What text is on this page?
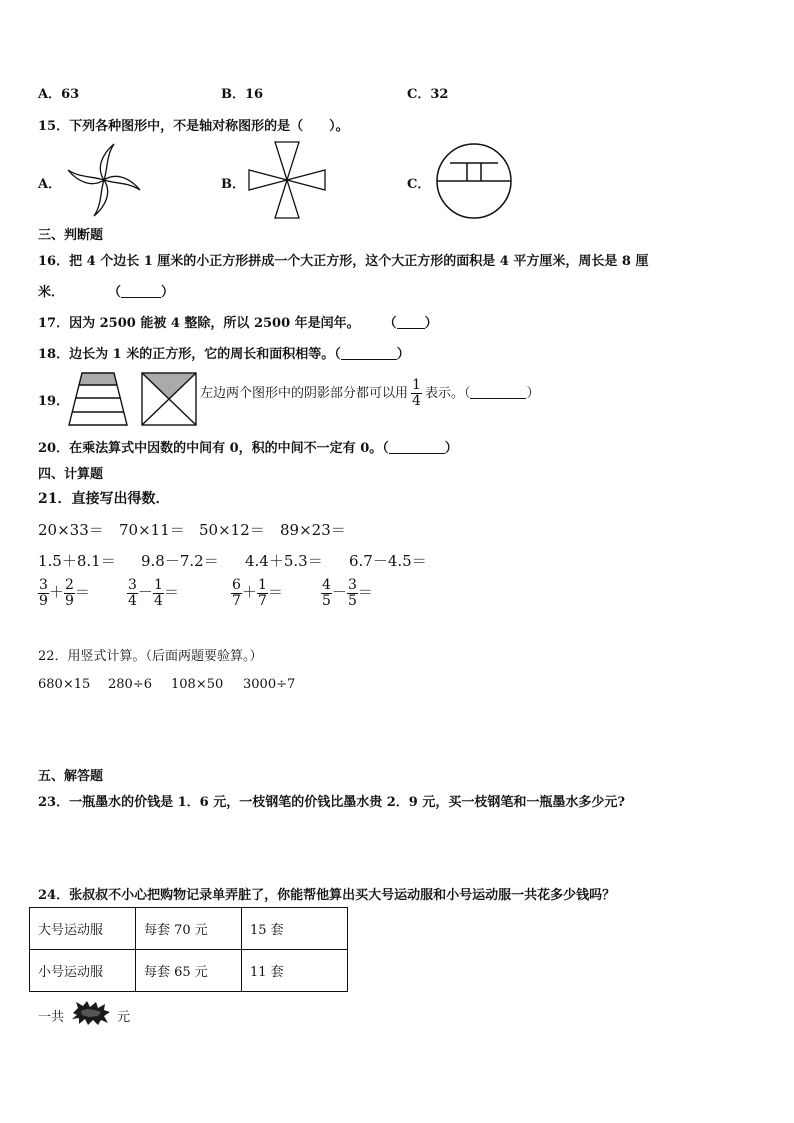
A．63	B．16	C．32
15．下列各种图形中，不是轴对称图形的是（　　）。
A．	B．	C．
三、判断题
16．把 4 个边长 1 厘米的小正方形拼成一个大正方形，这个大正方形的面积是 4 平方厘米，周长是 8 厘
米．	（	）
17．因为 2500 能被 4 整除，所以 2500 年是闰年。 （ ）
18．边长为 1 米的正方形，它的周长和面积相等。（	）
19．
左边两个图形中的阴影部分都可以用 $\frac{1}{4}$ 表示。（	）
20．在乘法算式中因数的中间有 0，积的中间不一定有 0。（	）
四、计算题
21．直接写出得数．
20×33＝ 70×11＝ 50×12＝ 89×23＝
1.5＋8.1＝ 9.8－7.2＝ 4.4＋5.3＝ 6.7－4.5＝
$\frac{3}{9} + \frac{2}{9}$ ＝	$\frac{3}{4} - \frac{1}{4}$ ＝	$\frac{6}{7} + \frac{1}{7}$ ＝	$\frac{4}{5} - \frac{3}{5}$ ＝
22．用竖式计算。（后面两题要验算。）
680×15 280÷6 108×50 3000÷7
五、解答题
23．一瓶墨水的价钱是 1．6 元，一枝钢笔的价钱比墨水贵 2．9 元，买一枝钢笔和一瓶墨水多少元?
24．张叔叔不小心把购物记录单弄脏了，你能帮他算出买大号运动服和小号运动服一共花多少钱吗？
大号运动服	每套 70 元	15 套
小号运动服	每套 65 元	11 套
一共	元
